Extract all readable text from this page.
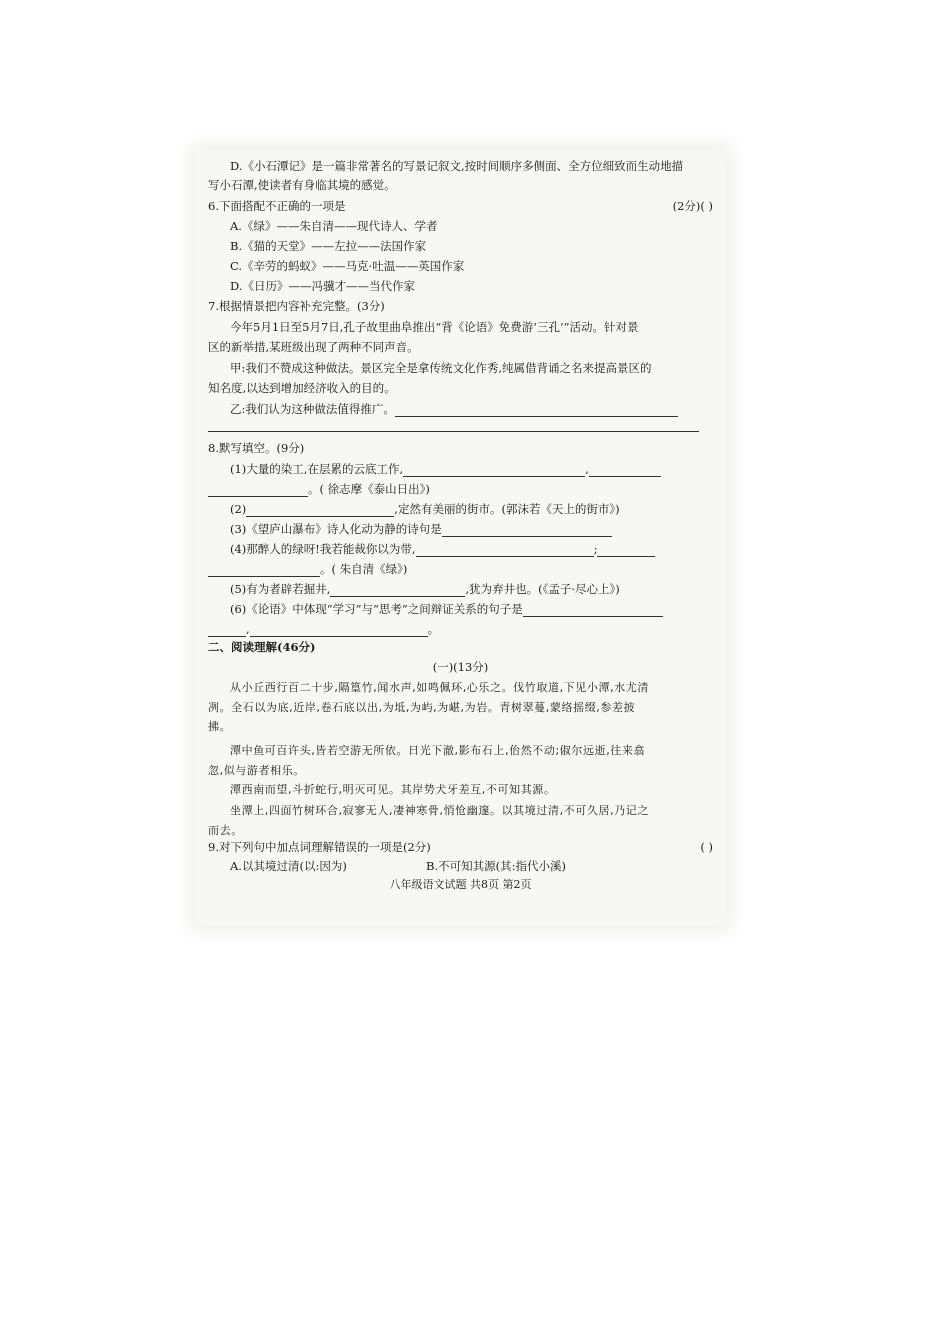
D.《小石潭记》是一篇非常著名的写景记叙文,按时间顺序多侧面、全方位细致而生动地描
写小石潭,使读者有身临其境的感觉。
6.下面搭配不正确的一项是	(2分)( )
A.《绿》——朱自清——现代诗人、学者
B.《猫的天堂》——左拉——法国作家
C.《辛劳的蚂蚁》——马克·吐温——英国作家
D.《日历》——冯骥才——当代作家
7.根据情景把内容补充完整。(3分)
今年5月1日至5月7日,孔子故里曲阜推出“背《论语》免费游‘三孔’”活动。针对景
区的新举措,某班级出现了两种不同声音。
甲:我们不赞成这种做法。景区完全是拿传统文化作秀,纯属借背诵之名来提高景区的
知名度,以达到增加经济收入的目的。
乙:我们认为这种做法值得推广。
8.默写填空。(9分)
(1)大量的染工,在层累的云底工作,	,
。( 徐志摩《泰山日出》)
(2)	,定然有美丽的街市。(郭沫若《天上的街市》)
(3)《望庐山瀑布》诗人化动为静的诗句是
(4)那醉人的绿呀!我若能裁你以为带,	;
。( 朱自清《绿》)
(5)有为者辟若掘井,	,犹为弃井也。(《孟子·尽心上》)
(6)《论语》中体现“学习”与“思考”之间辩证关系的句子是
,	。
二、阅读理解(46分)
(一)(13分)
从小丘西行百二十步,隔篁竹,闻水声,如鸣佩环,心乐之。伐竹取道,下见小潭,水尤清
冽。全石以为底,近岸,卷石底以出,为坻,为屿,为嵁,为岩。青树翠蔓,蒙络摇缀,参差披
拂。
潭中鱼可百许头,皆若空游无所依。日光下澈,影布石上,佁然不动;俶尔远逝,往来翕
忽,似与游者相乐。
潭西南而望,斗折蛇行,明灭可见。其岸势犬牙差互,不可知其源。
坐潭上,四面竹树环合,寂寥无人,凄神寒骨,悄怆幽邃。以其境过清,不可久居,乃记之
而去。
9.对下列句中加点词理解错误的一项是(2分)	( )
A.以其境过清(以:因为)	B.不可知其源(其:指代小溪)
八年级语文试题 共8页 第2页
